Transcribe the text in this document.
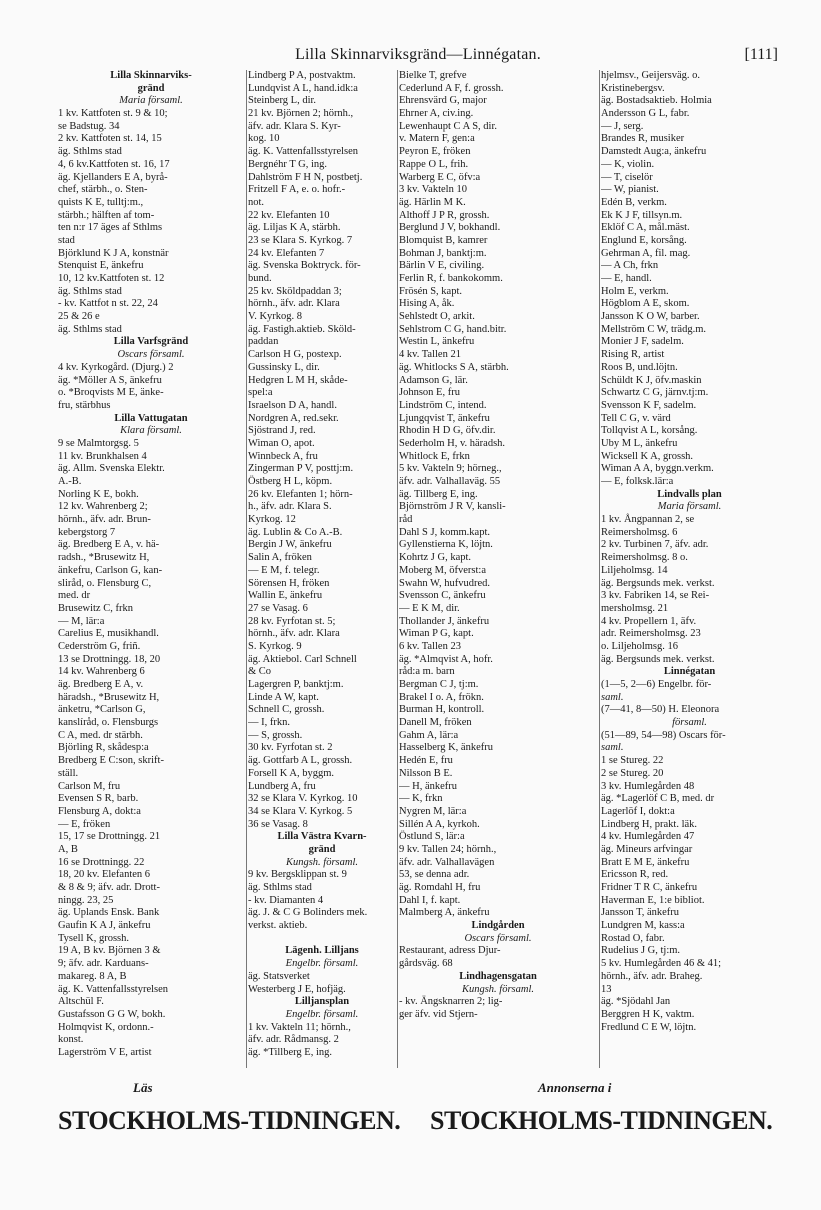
Lilla Skinnarviksgränd—Linnégatan.	[111]
Lilla Skinnarviks-
gränd
Maria församl.
1 kv. Kattfoten st. 9 & 10;
se Badstug. 34
2 kv. Kattfoten st. 14, 15
äg. Sthlms stad
4, 6 kv.Kattfoten st. 16, 17
äg. Kjellanders E A, byrå-
chef, stärbh., o. Sten-
quists K E, tulltj:m.,
stärbh.; hälften af tom-
ten n:r 17 äges af Sthlms
stad
Björklund K J A, konstnär
Stenquist E, änkefru
10, 12 kv.Kattfoten st. 12
äg. Sthlms stad
- kv. Kattfot n st. 22, 24
25 & 26 e
äg. Sthlms stad
Lilla Varfsgränd
Oscars församl.
4 kv. Kyrkogård. (Djurg.) 2
äg. *Möller A S, änkefru
o. *Broqvists M E, änke-
fru, stärbhus
Lilla Vattugatan
Klara församl.
9 se Malmtorgsg. 5
11 kv. Brunkhalsen 4
äg. Allm. Svenska Elektr.
A.-B.
Norling K E, bokh.
12 kv. Wahrenberg 2;
hörnh., äfv. adr. Brun-
kebergstorg 7
äg. Bredberg E A, v. hä-
radsh., *Brusewitz H,
änkefru, Carlson G, kan-
sliråd, o. Flensburg C,
med. dr
Brusewitz C, frkn
— M, lär:a
Carelius E, musikhandl.
Cederström G, friñ.
13 se Drottningg. 18, 20
14 kv. Wahrenberg 6
äg. Bredberg E A, v.
häradsh., *Brusewitz H,
änketru, *Carlson G,
kanslíråd, o. Flensburgs
C A, med. dr stärbh.
Björling R, skådesp:a
Bredberg E C:son, skrift-
ställ.
Carlson M, fru
Evensen S R, barb.
Flensburg A, dokt:a
— E, fröken
15, 17 se Drottningg. 21
A, B
16 se Drottningg. 22
18, 20 kv. Elefanten 6
& 8 & 9; äfv. adr. Drott-
ningg. 23, 25
äg. Uplands Ensk. Bank
Gaufin K A J, änkefru
Tysell K, grossh.
19 A, B kv. Björnen 3 &
9; äfv. adr. Karduans-
makareg. 8 A, B
äg. K. Vattenfallsstyrelsen
Altschül F.
Gustafsson G G W, bokh.
Holmqvist K, ordonn.-
konst.
Lagerström V E, artist
Lindberg P A, postvaktm.
Lundqvist A L, hand.idk:a
Steinberg L, dir.
21 kv. Björnen 2; hörnh.,
äfv. adr. Klara S. Kyr-
kog. 10
äg. K. Vattenfallsstyrelsen
Bergnéhr T G, ing.
Dahlström F H N, postbetj.
Fritzell F A, e. o. hofr.-
not.
22 kv. Elefanten 10
äg. Liljas K A, stärbh.
23 se Klara S. Kyrkog. 7
24 kv. Elefanten 7
äg. Svenska Boktryck. för-
bund.
25 kv. Sköldpaddan 3;
hörnh., äfv. adr. Klara
V. Kyrkog. 8
äg. Fastigh.aktieb. Sköld-
paddan
Carlson H G, postexp.
Gussinsky L, dir.
Hedgren L M H, skåde-
spel:a
Israelson D A, handl.
Nordgren A, red.sekr.
Sjöstrand J, red.
Wiman O, apot.
Winnbeck A, fru
Zingerman P V, posttj:m.
Östberg H L, köpm.
26 kv. Elefanten 1; hörn-
h., äfv. adr. Klara S.
Kyrkog. 12
äg. Lublin & Co A.-B.
Bergin J W, änkefru
Salin A, fröken
— E M, f. telegr.
Sörensen H, fröken
Wallin E, änkefru
27 se Vasag. 6
28 kv. Fyrfotan st. 5;
hörnh., äfv. adr. Klara
S. Kyrkog. 9
äg. Aktiebol. Carl Schnell
& Co
Lagergren P, banktj:m.
Linde A W, kapt.
Schnell C, grossh.
— I, frkn.
— S, grossh.
30 kv. Fyrfotan st. 2
äg. Gottfarb A L, grossh.
Forsell K A, byggm.
Lundberg A, fru
32 se Klara V. Kyrkog. 10
34 se Klara V. Kyrkog. 5
36 se Vasag. 8
Lilla Västra Kvarn-
gränd
Kungsh. församl.
9 kv. Bergsklippan st. 9
äg. Sthlms stad
- kv. Diamanten 4
äg. J. & C G Bolinders mek.
verkst. aktieb.
Lägenh. Lilljans
Engelbr. församl.
äg. Statsverket
Westerberg J E, hofjäg.
Lilljansplan
Engelbr. församl.
1 kv. Vakteln 11; hörnh.,
äfv. adr. Rådmansg. 2
äg. *Tillberg E, ing.
Bielke T, grefve
Cederlund A F, f. grossh.
Ehrensvärd G, major
Ehrner A, civ.ing.
Lewenhaupt C A S, dir.
v. Matern F, gen:a
Peyron E, fröken
Rappe O L, frih.
Warberg E C, öfv:a
3 kv. Vakteln 10
äg. Härlin M K.
Althoff J P R, grossh.
Berglund J V, bokhandl.
Blomquist B, kamrer
Bohman J, banktj:m.
Bärlin V E, civiling.
Ferlin R, f. bankokomm.
Frösén S, kapt.
Hising A, åk.
Sehlstedt O, arkit.
Sehlstrom C G, hand.bitr.
Westin L, änkefru
4 kv. Tallen 21
äg. Whitlocks S A, stärbh.
Adamson G, lär.
Johnson E, fru
Lindström C, intend.
Ljungqvist T, änkefru
Rhodin H D G, öfv.dir.
Sederholm H, v. häradsh.
Whitlock E, frkn
5 kv. Vakteln 9; hörneg.,
äfv. adr. Valhallaväg. 55
äg. Tillberg E, ing.
Björnström J R V, kansli-
råd
Dahl S J, komm.kapt.
Gyllenstierna K, löjtn.
Kohrtz J G, kapt.
Moberg M, öfverst:a
Swahn W, hufvudred.
Svensson C, änkefru
— E K M, dir.
Thollander J, änkefru
Wiman P G, kapt.
6 kv. Tallen 23
äg. *Almqvist A, hofr.
råd:a m. barn
Bergman C J, tj:m.
Brakel I o. A, frökn.
Burman H, kontroll.
Danell M, fröken
Gahm A, lär:a
Hasselberg K, änkefru
Hedén E, fru
Nilsson B E.
— H, änkefru
— K, frkn
Nygren M, lär:a
Sillén A A, kyrkoh.
Östlund S, lär:a
9 kv. Tallen 24; hörnh.,
äfv. adr. Valhallavägen
53, se denna adr.
äg. Romdahl H, fru
Dahl I, f. kapt.
Malmberg A, änkefru
Lindgården
Oscars församl.
Restaurant, adress Djur-
gårdsväg. 68
Lindhagensgatan
Kungsh. församl.
- kv. Ängsknarren 2; lig-
ger äfv. vid Stjern-
hjelmsv., Geijersväg. o.
Kristinebergsv.
äg. Bostadsaktieb. Holmia
Andersson G L, fabr.
— J, serg.
Brandes R, musiker
Damstedt Aug:a, änkefru
— K, violin.
— T, ciselör
— W, pianist.
Edén B, verkm.
Ek K J F, tillsyn.m.
Eklöf C A, mål.mäst.
Englund E, korsång.
Gehrman A, fil. mag.
— A Ch, frkn
— E, handl.
Holm E, verkm.
Högblom A E, skom.
Jansson K O W, barber.
Mellström C W, trädg.m.
Monier J F, sadelm.
Rising R, artist
Roos B, und.löjtn.
Schüldt K J, öfv.maskin
Schwartz C G, järnv.tj:m.
Svensson K F, sadelm.
Tell C G, v. värd
Tollqvist A L, korsång.
Uby M L, änkefru
Wicksell K A, grossh.
Wiman A A, byggn.verkm.
— E, folksk.lär:a
Lindvalls plan
Maria församl.
1 kv. Ångpannan 2, se
Reimersholmsg. 6
2 kv. Turbinen 7, äfv. adr.
Reimersholmsg. 8 o.
Liljeholmsg. 14
äg. Bergsunds mek. verkst.
3 kv. Fabriken 14, se Rei-
mersholmsg. 21
4 kv. Propellern 1, äfv.
adr. Reimersholmsg. 23
o. Liljeholmsg. 16
äg. Bergsunds mek. verkst.
Linnégatan
(1—5, 2—6) Engelbr. för-
saml.
(7—41, 8—50) H. Eleonora
församl.
(51—89, 54—98) Oscars för-
saml.
1 se Stureg. 22
2 se Stureg. 20
3 kv. Humlegården 48
äg. *Lagerlöf C B, med. dr
Lagerlöf I, dokt:a
Lindberg H, prakt. läk.
4 kv. Humlegården 47
äg. Mineurs arfvingar
Bratt E M E, änkefru
Ericsson R, red.
Fridner T R C, änkefru
Haverman E, 1:e bibliot.
Jansson T, änkefru
Lundgren M, kass:a
Rostad O, fabr.
Rudelius J G, tj:m.
5 kv. Humlegården 46 & 41;
hörnh., äfv. adr. Braheg.
13
äg. *Sjödahl Jan
Berggren H K, vaktm.
Fredlund C E W, löjtn.
Läs	Annonserna i
STOCKHOLMS-TIDNINGEN. STOCKHOLMS-TIDNINGEN.
